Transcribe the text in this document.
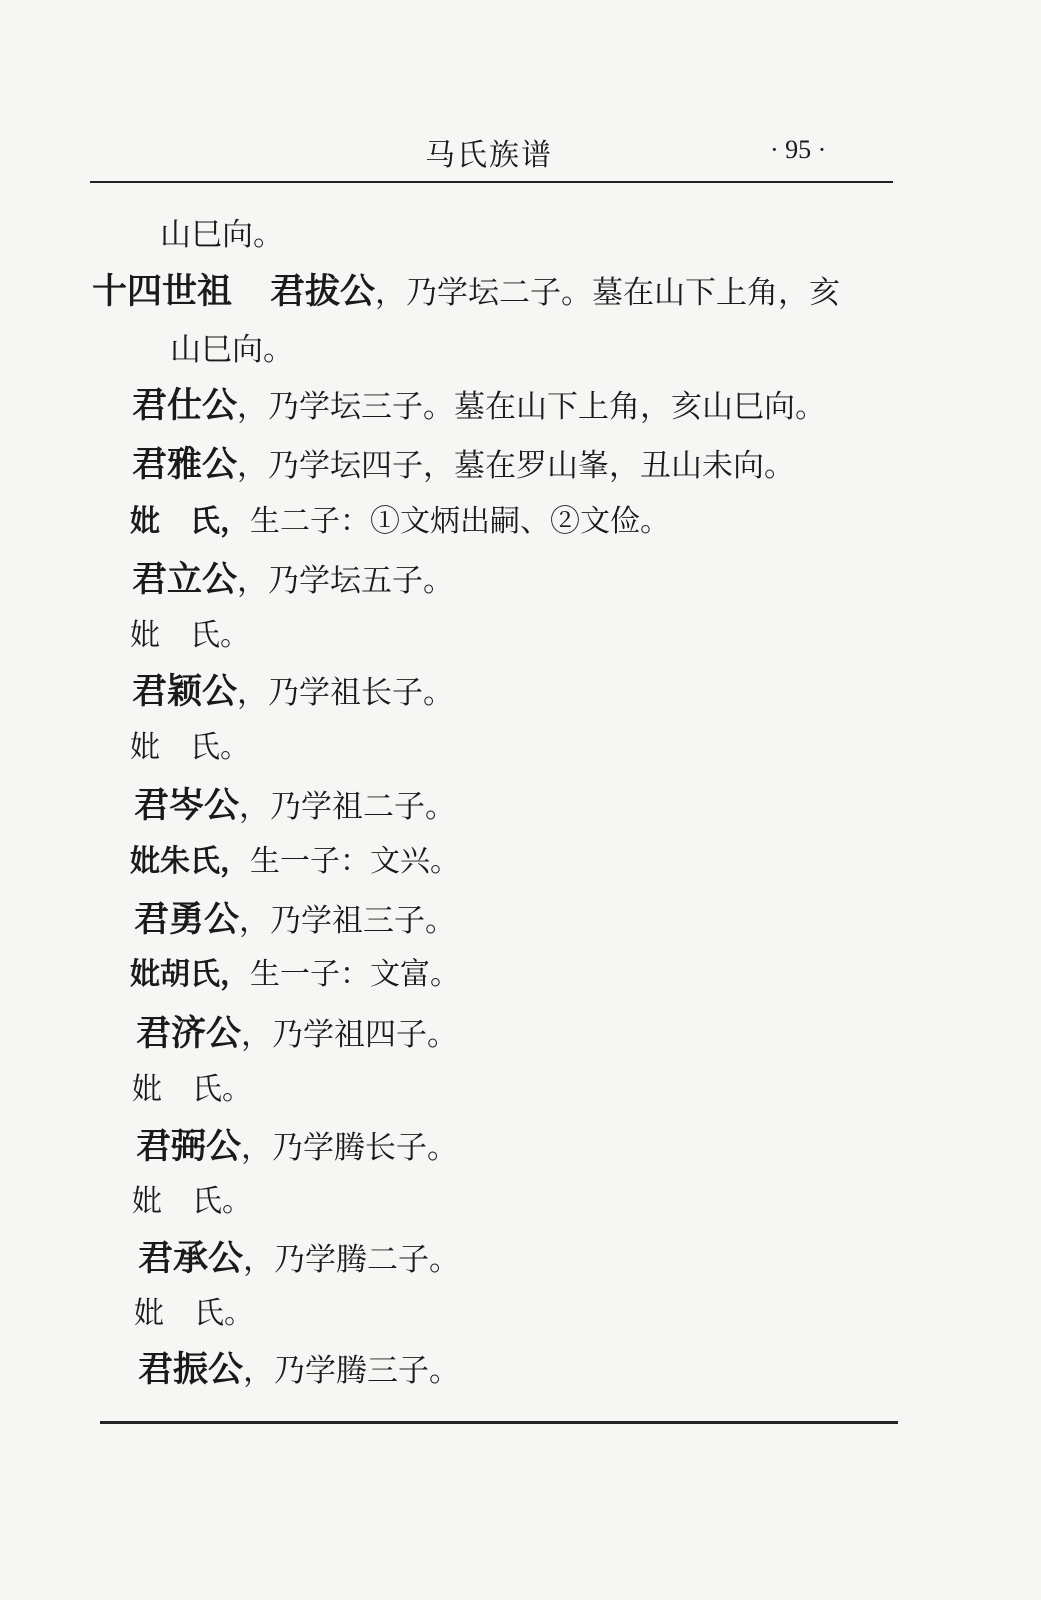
马氏族谱	· 95 ·
山巳向。
十四世祖 君拔公，乃学坛二子。墓在山下上角，亥
山巳向。
君仕公，乃学坛三子。墓在山下上角，亥山巳向。
君雅公，乃学坛四子，墓在罗山峯，丑山未向。
妣　氏，生二子：①文炳出嗣、②文俭。
君立公，乃学坛五子。
妣　氏。
君颖公，乃学祖长子。
妣　氏。
君岑公，乃学祖二子。
妣朱氏，生一子：文兴。
君勇公，乃学祖三子。
妣胡氏，生一子：文富。
君济公，乃学祖四子。
妣　氏。
君弼公，乃学腾长子。
妣　氏。
君承公，乃学腾二子。
妣　氏。
君振公，乃学腾三子。
